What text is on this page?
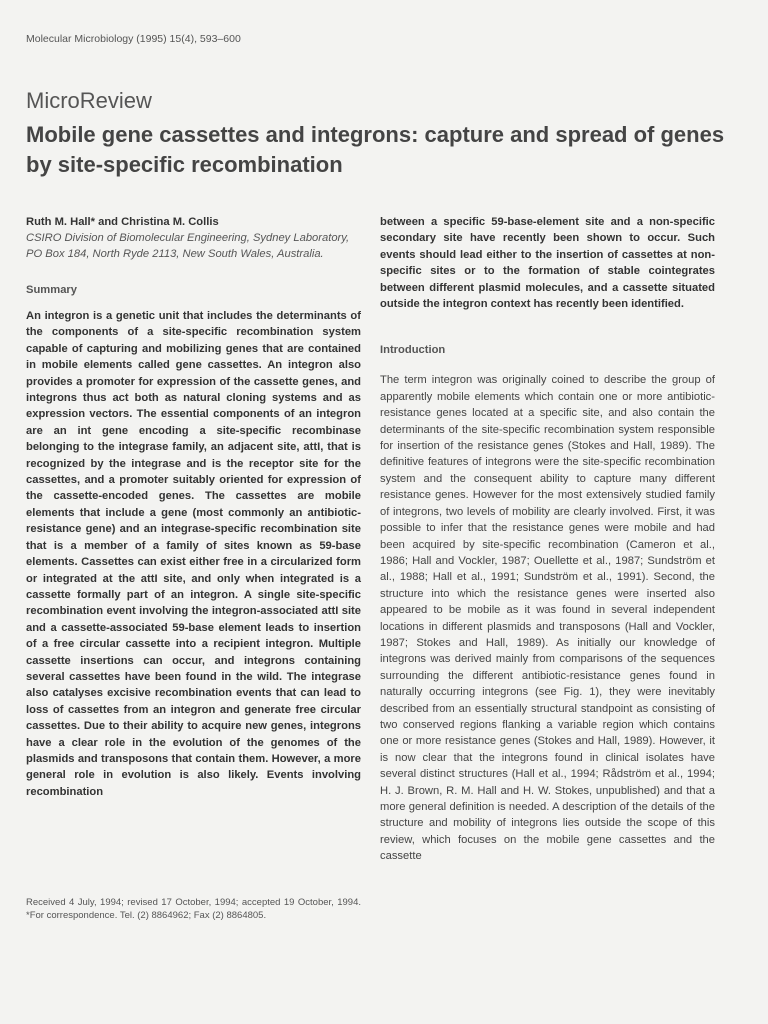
Molecular Microbiology (1995) 15(4), 593–600
MicroReview
Mobile gene cassettes and integrons: capture and spread of genes by site-specific recombination

Ruth M. Hall* and Christina M. Collis

CSIRO Division of Biomolecular Engineering, Sydney Laboratory, PO Box 184, North Ryde 2113, New South Wales, Australia.

Summary

An integron is a genetic unit that includes the determinants of the components of a site-specific recombination system capable of capturing and mobilizing genes that are contained in mobile elements called gene cassettes. An integron also provides a promoter for expression of the cassette genes, and integrons thus act both as natural cloning systems and as expression vectors. The essential components of an integron are an int gene encoding a site-specific recombinase belonging to the integrase family, an adjacent site, attI, that is recognized by the integrase and is the receptor site for the cassettes, and a promoter suitably oriented for expression of the cassette-encoded genes. The cassettes are mobile elements that include a gene (most commonly an antibiotic-resistance gene) and an integrase-specific recombination site that is a member of a family of sites known as 59-base elements. Cassettes can exist either free in a circularized form or integrated at the attI site, and only when integrated is a cassette formally part of an integron. A single site-specific recombination event involving the integron-associated attI site and a cassette-associated 59-base element leads to insertion of a free circular cassette into a recipient integron. Multiple cassette insertions can occur, and integrons containing several cassettes have been found in the wild. The integrase also catalyses excisive recombination events that can lead to loss of cassettes from an integron and generate free circular cassettes. Due to their ability to acquire new genes, integrons have a clear role in the evolution of the genomes of the plasmids and transposons that contain them. However, a more general role in evolution is also likely. Events involving recombination

between a specific 59-base-element site and a non-specific secondary site have recently been shown to occur. Such events should lead either to the insertion of cassettes at non-specific sites or to the formation of stable cointegrates between different plasmid molecules, and a cassette situated outside the integron context has recently been identified.

Introduction

The term integron was originally coined to describe the group of apparently mobile elements which contain one or more antibiotic-resistance genes located at a specific site, and also contain the determinants of the site-specific recombination system responsible for insertion of the resistance genes (Stokes and Hall, 1989). The definitive features of integrons were the site-specific recombination system and the consequent ability to capture many different resistance genes. However for the most extensively studied family of integrons, two levels of mobility are clearly involved. First, it was possible to infer that the resistance genes were mobile and had been acquired by site-specific recombination (Cameron et al., 1986; Hall and Vockler, 1987; Ouellette et al., 1987; Sundström et al., 1988; Hall et al., 1991; Sundström et al., 1991). Second, the structure into which the resistance genes were inserted also appeared to be mobile as it was found in several independent locations in different plasmids and transposons (Hall and Vockler, 1987; Stokes and Hall, 1989). As initially our knowledge of integrons was derived mainly from comparisons of the sequences surrounding the different antibiotic-resistance genes found in naturally occurring integrons (see Fig. 1), they were inevitably described from an essentially structural standpoint as consisting of two conserved regions flanking a variable region which contains one or more resistance genes (Stokes and Hall, 1989). However, it is now clear that the integrons found in clinical isolates have several distinct structures (Hall et al., 1994; Rådström et al., 1994; H. J. Brown, R. M. Hall and H. W. Stokes, unpublished) and that a more general definition is needed. A description of the details of the structure and mobility of integrons lies outside the scope of this review, which focuses on the mobile gene cassettes and the cassette

Received 4 July, 1994; revised 17 October, 1994; accepted 19 October, 1994. *For correspondence. Tel. (2) 8864962; Fax (2) 8864805.
